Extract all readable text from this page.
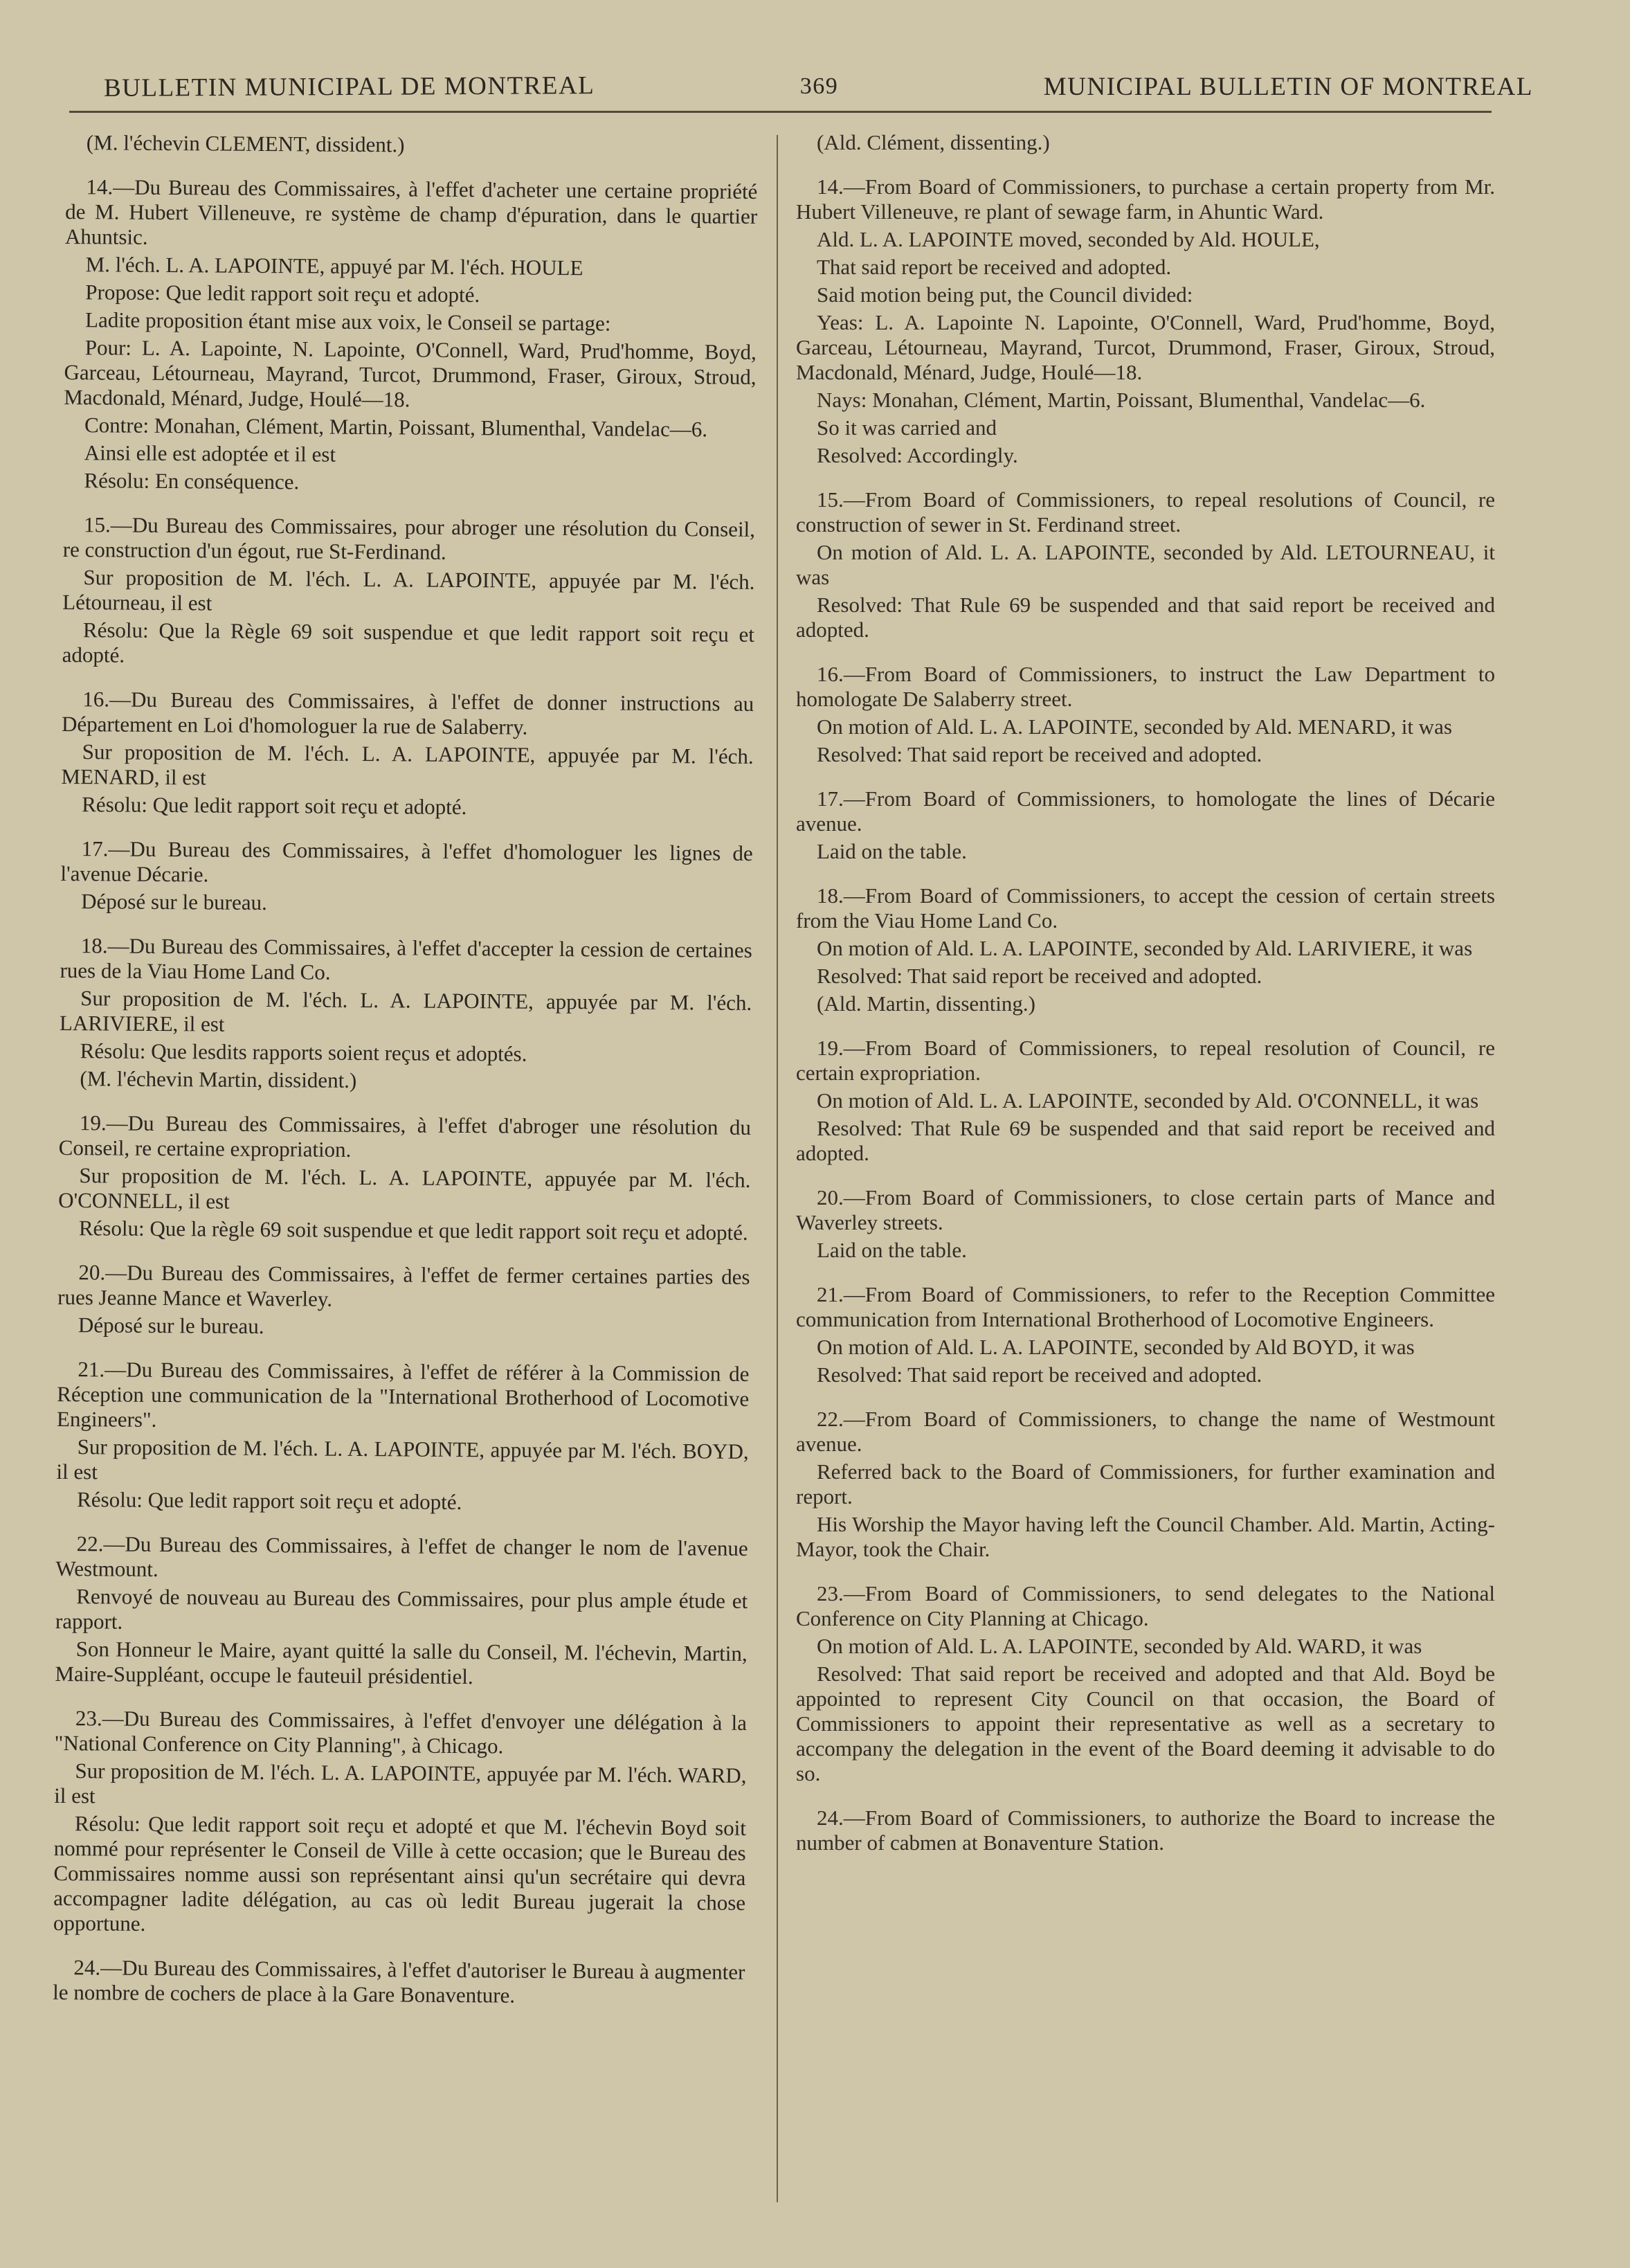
BULLETIN MUNICIPAL DE MONTREAL	369	MUNICIPAL BULLETIN OF MONTREAL

(M. l'échevin CLEMENT, dissident.)

14.—Du Bureau des Commissaires, à l'effet d'acheter une certaine propriété de M. Hubert Villeneuve, re système de champ d'épuration, dans le quartier Ahuntsic.

M. l'éch. L. A. LAPOINTE, appuyé par M. l'éch. HOULE

Propose: Que ledit rapport soit reçu et adopté.

Ladite proposition étant mise aux voix, le Conseil se partage:

Pour: L. A. Lapointe, N. Lapointe, O'Connell, Ward, Prud'homme, Boyd, Garceau, Létourneau, Mayrand, Turcot, Drummond, Fraser, Giroux, Stroud, Macdonald, Ménard, Judge, Houlé—18.

Contre: Monahan, Clément, Martin, Poissant, Blumenthal, Vandelac—6.

Ainsi elle est adoptée et il est

Résolu: En conséquence.

15.—Du Bureau des Commissaires, pour abroger une résolution du Conseil, re construction d'un égout, rue St-Ferdinand.

Sur proposition de M. l'éch. L. A. LAPOINTE, appuyée par M. l'éch. Létourneau, il est

Résolu: Que la Règle 69 soit suspendue et que ledit rapport soit reçu et adopté.

16.—Du Bureau des Commissaires, à l'effet de donner instructions au Département en Loi d'homologuer la rue de Salaberry.

Sur proposition de M. l'éch. L. A. LAPOINTE, appuyée par M. l'éch. MENARD, il est

Résolu: Que ledit rapport soit reçu et adopté.

17.—Du Bureau des Commissaires, à l'effet d'homologuer les lignes de l'avenue Décarie.

Déposé sur le bureau.

18.—Du Bureau des Commissaires, à l'effet d'accepter la cession de certaines rues de la Viau Home Land Co.

Sur proposition de M. l'éch. L. A. LAPOINTE, appuyée par M. l'éch. LARIVIERE, il est

Résolu: Que lesdits rapports soient reçus et adoptés.

(M. l'échevin Martin, dissident.)

19.—Du Bureau des Commissaires, à l'effet d'abroger une résolution du Conseil, re certaine expropriation.

Sur proposition de M. l'éch. L. A. LAPOINTE, appuyée par M. l'éch. O'CONNELL, il est

Résolu: Que la règle 69 soit suspendue et que ledit rapport soit reçu et adopté.

20.—Du Bureau des Commissaires, à l'effet de fermer certaines parties des rues Jeanne Mance et Waverley.

Déposé sur le bureau.

21.—Du Bureau des Commissaires, à l'effet de référer à la Commission de Réception une communication de la "International Brotherhood of Locomotive Engineers".

Sur proposition de M. l'éch. L. A. LAPOINTE, appuyée par M. l'éch. BOYD, il est

Résolu: Que ledit rapport soit reçu et adopté.

22.—Du Bureau des Commissaires, à l'effet de changer le nom de l'avenue Westmount.

Renvoyé de nouveau au Bureau des Commissaires, pour plus ample étude et rapport.

Son Honneur le Maire, ayant quitté la salle du Conseil, M. l'échevin, Martin, Maire-Suppléant, occupe le fauteuil présidentiel.

23.—Du Bureau des Commissaires, à l'effet d'envoyer une délégation à la "National Conference on City Planning", à Chicago.

Sur proposition de M. l'éch. L. A. LAPOINTE, appuyée par M. l'éch. WARD, il est

Résolu: Que ledit rapport soit reçu et adopté et que M. l'échevin Boyd soit nommé pour représenter le Conseil de Ville à cette occasion; que le Bureau des Commissaires nomme aussi son représentant ainsi qu'un secrétaire qui devra accompagner ladite délégation, au cas où ledit Bureau jugerait la chose opportune.

24.—Du Bureau des Commissaires, à l'effet d'autoriser le Bureau à augmenter le nombre de cochers de place à la Gare Bonaventure.

(Ald. Clément, dissenting.)

14.—From Board of Commissioners, to purchase a certain property from Mr. Hubert Villeneuve, re plant of sewage farm, in Ahuntic Ward.

Ald. L. A. LAPOINTE moved, seconded by Ald. HOULE,

That said report be received and adopted.

Said motion being put, the Council divided:

Yeas: L. A. Lapointe N. Lapointe, O'Connell, Ward, Prud'homme, Boyd, Garceau, Létourneau, Mayrand, Turcot, Drummond, Fraser, Giroux, Stroud, Macdonald, Ménard, Judge, Houlé—18.

Nays: Monahan, Clément, Martin, Poissant, Blumenthal, Vandelac—6.

So it was carried and

Resolved: Accordingly.

15.—From Board of Commissioners, to repeal resolutions of Council, re construction of sewer in St. Ferdinand street.

On motion of Ald. L. A. LAPOINTE, seconded by Ald. LETOURNEAU, it was

Resolved: That Rule 69 be suspended and that said report be received and adopted.

16.—From Board of Commissioners, to instruct the Law Department to homologate De Salaberry street.

On motion of Ald. L. A. LAPOINTE, seconded by Ald. MENARD, it was

Resolved: That said report be received and adopted.

17.—From Board of Commissioners, to homologate the lines of Décarie avenue.

Laid on the table.

18.—From Board of Commissioners, to accept the cession of certain streets from the Viau Home Land Co.

On motion of Ald. L. A. LAPOINTE, seconded by Ald. LARIVIERE, it was

Resolved: That said report be received and adopted.

(Ald. Martin, dissenting.)

19.—From Board of Commissioners, to repeal resolution of Council, re certain expropriation.

On motion of Ald. L. A. LAPOINTE, seconded by Ald. O'CONNELL, it was

Resolved: That Rule 69 be suspended and that said report be received and adopted.

20.—From Board of Commissioners, to close certain parts of Mance and Waverley streets.

Laid on the table.

21.—From Board of Commissioners, to refer to the Reception Committee communication from International Brotherhood of Locomotive Engineers.

On motion of Ald. L. A. LAPOINTE, seconded by Ald BOYD, it was

Resolved: That said report be received and adopted.

22.—From Board of Commissioners, to change the name of Westmount avenue.

Referred back to the Board of Commissioners, for further examination and report.

His Worship the Mayor having left the Council Chamber. Ald. Martin, Acting-Mayor, took the Chair.

23.—From Board of Commissioners, to send delegates to the National Conference on City Planning at Chicago.

On motion of Ald. L. A. LAPOINTE, seconded by Ald. WARD, it was

Resolved: That said report be received and adopted and that Ald. Boyd be appointed to represent City Council on that occasion, the Board of Commissioners to appoint their representative as well as a secretary to accompany the delegation in the event of the Board deeming it advisable to do so.

24.—From Board of Commissioners, to authorize the Board to increase the number of cabmen at Bonaventure Station.
